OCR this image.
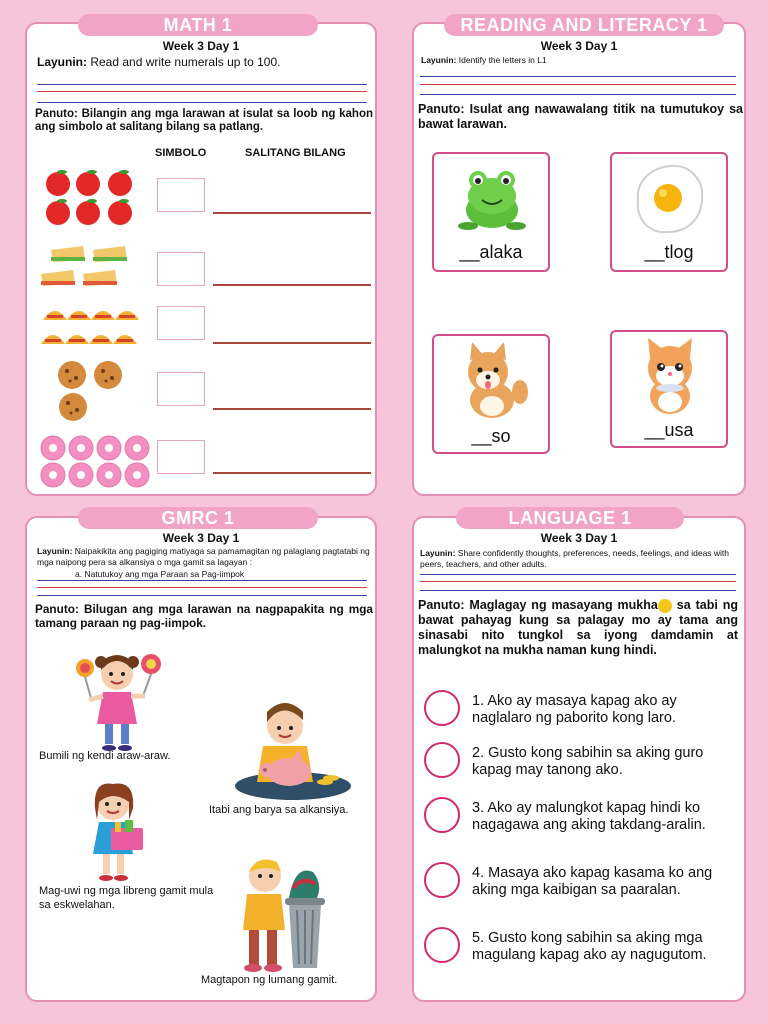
Week 3 Day 1
Layunin: Read and write numerals up to 100.
Panuto: Bilangin ang mga larawan at isulat sa loob ng kahon ang simbolo at salitang bilang sa patlang.
SIMBOLO	SALITANG BILANG
MATH 1
Week 3 Day 1
Layunin: Identify the letters in L1
Panuto: Isulat ang nawawalang titik na tumutukoy sa bawat larawan.
__alaka	__tlog
__so	__usa
READING AND LITERACY 1
Week 3 Day 1
Layunin: Naipakikita ang pagiging matiyaga sa pamamagitan ng palagiang pagtatabi ng mga naipong pera sa alkansiya o mga gamit sa lagayan :
a. Natutukoy ang mga Paraan sa Pag-iimpok
Panuto: Bilugan ang mga larawan na nagpapakita ng mga tamang paraan ng pag-iimpok.
Bumili ng kendi araw-araw.
Itabi ang barya sa alkansiya.
Mag-uwi ng mga libreng gamit mula sa eskwelahan.
Magtapon ng lumang gamit.
GMRC 1
Week 3 Day 1
Layunin: Share confidently thoughts, preferences, needs, feelings, and ideas with peers, teachers, and other adults.
Panuto: Maglagay ng masayang mukha sa tabi ng bawat pahayag kung sa palagay mo ay tama ang sinasabi nito tungkol sa iyong damdamin at malungkot na mukha naman kung hindi.
1. Ako ay masaya kapag ako ay naglalaro ng paborito kong laro.
2. Gusto kong sabihin sa aking guro kapag may tanong ako.
3. Ako ay malungkot kapag hindi ko nagagawa ang aking takdang-aralin.
4. Masaya ako kapag kasama ko ang aking mga kaibigan sa paaralan.
5. Gusto kong sabihin sa aking mga magulang kapag ako ay nagugutom.
LANGUAGE 1
